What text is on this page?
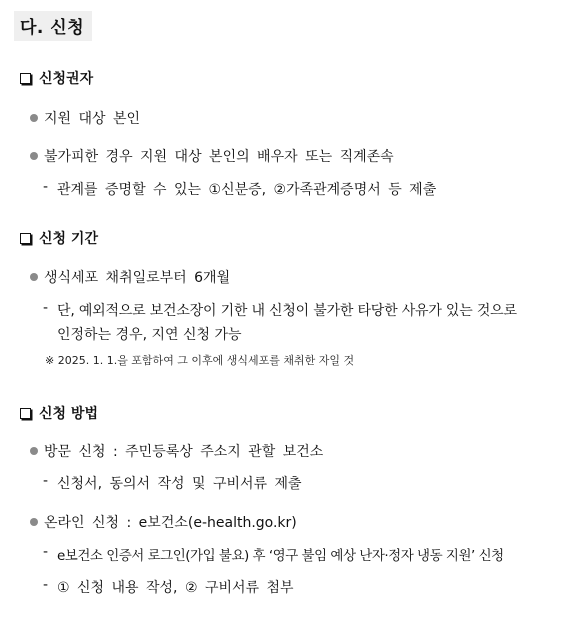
다. 신청
신청권자
지원 대상 본인
불가피한 경우 지원 대상 본인의 배우자 또는 직계존속
- 관계를 증명할 수 있는 ①신분증, ②가족관계증명서 등 제출
신청 기간
생식세포 채취일로부터 6개월
- 단, 예외적으로 보건소장이 기한 내 신청이 불가한 타당한 사유가 있는 것으로
인정하는 경우, 지연 신청 가능
※ 2025. 1. 1.을 포함하여 그 이후에 생식세포를 채취한 자일 것
신청 방법
방문 신청 : 주민등록상 주소지 관할 보건소
- 신청서, 동의서 작성 및 구비서류 제출
온라인 신청 : e보건소(e-health.go.kr)
- e보건소 인증서 로그인(가입 불요) 후 ‘영구 불임 예상 난자·정자 냉동 지원’ 신청
- ① 신청 내용 작성, ② 구비서류 첨부
